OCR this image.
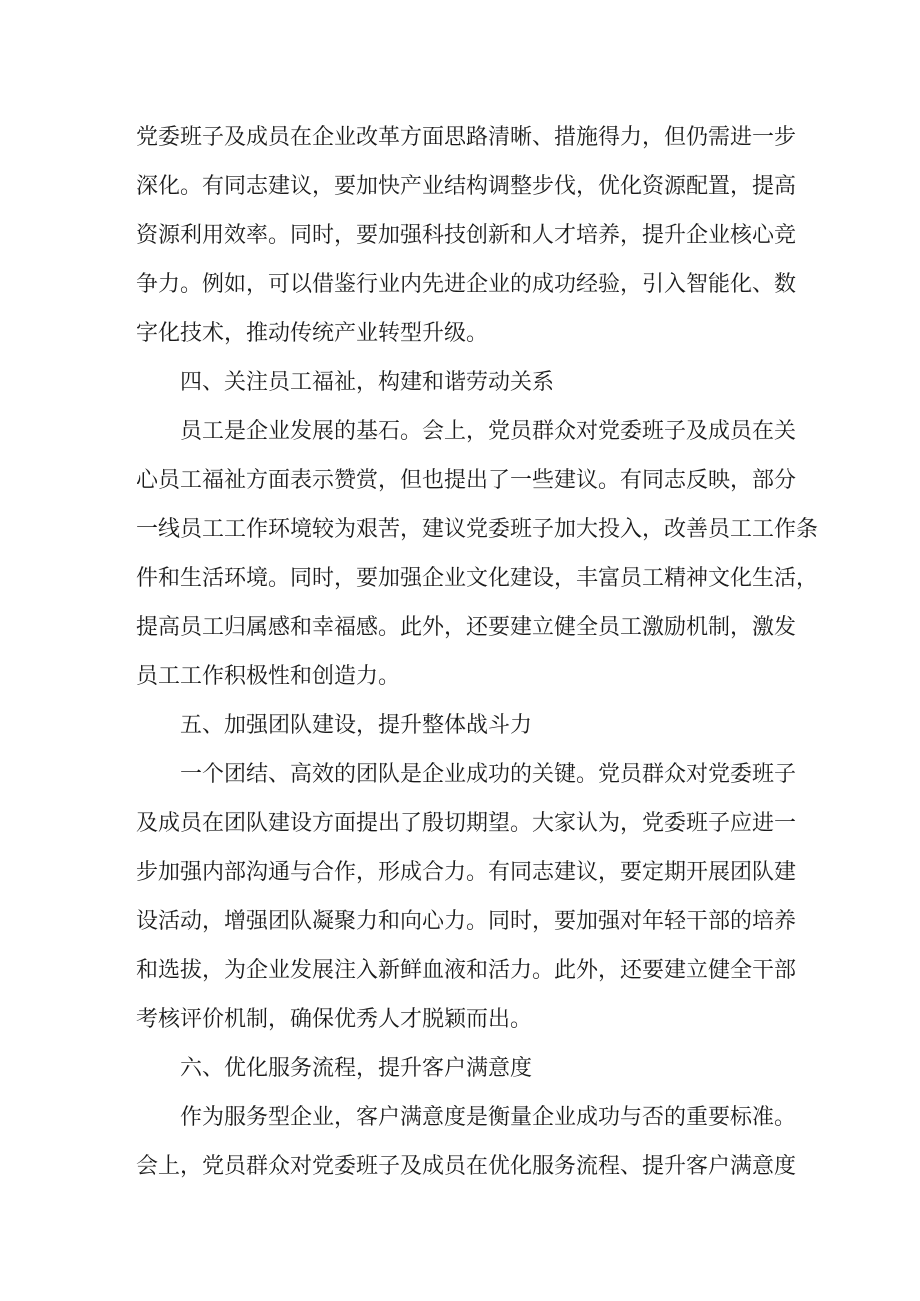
党委班子及成员在企业改革方面思路清晰、措施得力，但仍需进一步
深化。有同志建议，要加快产业结构调整步伐，优化资源配置，提高
资源利用效率。同时，要加强科技创新和人才培养，提升企业核心竞
争力。例如，可以借鉴行业内先进企业的成功经验，引入智能化、数
字化技术，推动传统产业转型升级。
四、关注员工福祉，构建和谐劳动关系
员工是企业发展的基石。会上，党员群众对党委班子及成员在关
心员工福祉方面表示赞赏，但也提出了一些建议。有同志反映，部分
一线员工工作环境较为艰苦，建议党委班子加大投入，改善员工工作条
件和生活环境。同时，要加强企业文化建设，丰富员工精神文化生活，
提高员工归属感和幸福感。此外，还要建立健全员工激励机制，激发
员工工作积极性和创造力。
五、加强团队建设，提升整体战斗力
一个团结、高效的团队是企业成功的关键。党员群众对党委班子
及成员在团队建设方面提出了殷切期望。大家认为，党委班子应进一
步加强内部沟通与合作，形成合力。有同志建议，要定期开展团队建
设活动，增强团队凝聚力和向心力。同时，要加强对年轻干部的培养
和选拔，为企业发展注入新鲜血液和活力。此外，还要建立健全干部
考核评价机制，确保优秀人才脱颖而出。
六、优化服务流程，提升客户满意度
作为服务型企业，客户满意度是衡量企业成功与否的重要标准。
会上，党员群众对党委班子及成员在优化服务流程、提升客户满意度
